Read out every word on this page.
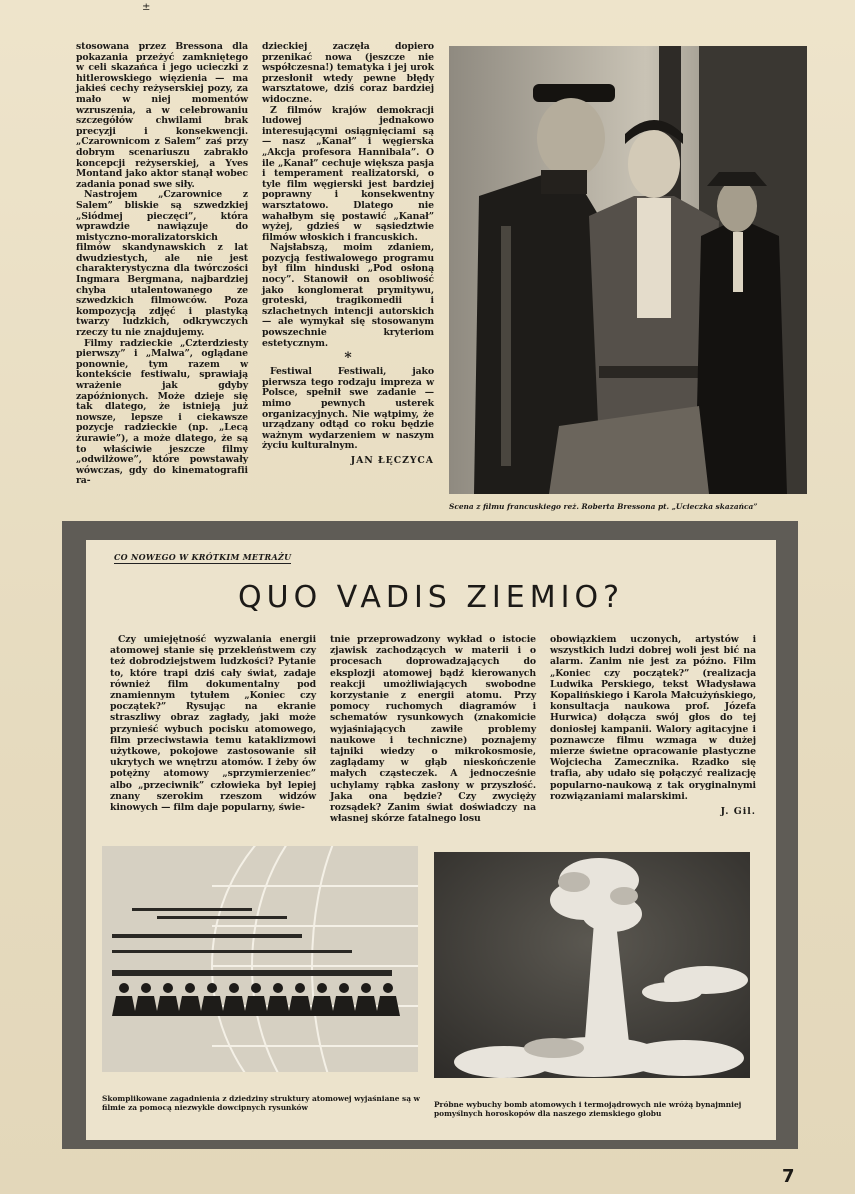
±

stosowana przez Bressona dla pokazania przeżyć zamkniętego w celi skazańca i jego ucieczki z hitlerowskiego więzienia — ma jakieś cechy reżyserskiej pozy, za mało w niej momentów wzruszenia, a w celebrowaniu szczegółów chwilami brak precyzji i konsekwencji. „Czarownicom z Salem” zaś przy dobrym scenariuszu zabrakło koncepcji reżyserskiej, a Yves Montand jako aktor stanął wobec zadania ponad swe siły.

Nastrojem „Czarownice z Salem” bliskie są szwedzkiej „Siódmej pieczęci”, która wprawdzie nawiązuje do mistyczno-moralizatorskich filmów skandynawskich z lat dwudziestych, ale nie jest charakterystyczna dla twórczości Ingmara Bergmana, najbardziej chyba utalentowanego ze szwedzkich filmowców. Poza kompozycją zdjęć i plastyką twarzy ludzkich, odkrywczych rzeczy tu nie znajdujemy.

Filmy radzieckie „Czterdziesty pierwszy” i „Malwa”, oglądane ponownie, tym razem w kontekście festiwalu, sprawiają wrażenie jak gdyby zapóźnionych. Może dzieje się tak dlatego, że istnieją już nowsze, lepsze i ciekawsze pozycje radzieckie (np. „Lecą żurawie”), a może dlatego, że są to właściwie jeszcze filmy „odwilżowe”, które powstawały wówczas, gdy do kinematografii ra-

dzieckiej zaczęła dopiero przenikać nowa (jeszcze nie współczesna!) tematyka i jej urok przesłonił wtedy pewne błędy warsztatowe, dziś coraz bardziej widoczne.

Z filmów krajów demokracji ludowej jednakowo interesującymi osiągnięciami są — nasz „Kanał” i węgierska „Akcja profesora Hannibala”. O ile „Kanał” cechuje większa pasja i temperament realizatorski, o tyle film węgierski jest bardziej poprawny i konsekwentny warsztatowo. Dlatego nie wahałbym się postawić „Kanał” wyżej, gdzieś w sąsiedztwie filmów włoskich i francuskich.

Najsłabszą, moim zdaniem, pozycją festiwalowego programu był film hinduski „Pod osłoną nocy”. Stanowił on osobliwość jako konglomerat prymitywu, groteski, tragikomedii i szlachetnych intencji autorskich — ale wymykał się stosowanym powszechnie kryteriom estetycznym.

*

Festiwal Festiwali, jako pierwsza tego rodzaju impreza w Polsce, spełnił swe zadanie — mimo pewnych usterek organizacyjnych. Nie wątpimy, że urządzany odtąd co roku będzie ważnym wydarzeniem w naszym życiu kulturalnym.

JAN ŁĘCZYCA
Scena z filmu francuskiego reż. Roberta Bressona pt. „Ucieczka skazańca”
CO NOWEGO W KRÓTKIM METRAŻU
QUO VADIS ZIEMIO?

Czy umiejętność wyzwalania energii atomowej stanie się przekleństwem czy też dobrodziejstwem ludzkości? Pytanie to, które trapi dziś cały świat, zadaje również film dokumentalny pod znamiennym tytułem „Koniec czy początek?” Rysując na ekranie straszliwy obraz zagłady, jaki może przynieść wybuch pocisku atomowego, film przeciwstawia temu kataklizmowi użytkowe, pokojowe zastosowanie sił ukrytych we wnętrzu atomów. I żeby ów potężny atomowy „sprzymierzeniec” albo „przeciwnik” człowieka był lepiej znany szerokim rzeszom widzów kinowych — film daje popularny, świe-

tnie przeprowadzony wykład o istocie zjawisk zachodzących w materii i o procesach doprowadzających do eksplozji atomowej bądź kierowanych reakcji umożliwiających swobodne korzystanie z energii atomu. Przy pomocy ruchomych diagramów i schematów rysunkowych (znakomicie wyjaśniających zawiłe problemy naukowe i techniczne) poznajemy tajniki wiedzy o mikrokosmosie, zaglądamy w głąb nieskończenie małych cząsteczek. A jednocześnie uchylamy rąbka zasłony w przyszłość. Jaka ona będzie? Czy zwycięży rozsądek? Zanim świat doświadczy na własnej skórze fatalnego losu

obowiązkiem uczonych, artystów i wszystkich ludzi dobrej woli jest bić na alarm. Zanim nie jest za późno. Film „Koniec czy początek?” (realizacja Ludwika Perskiego, tekst Władysława Kopalińskiego i Karola Małcużyńskiego, konsultacja naukowa prof. Józefa Hurwica) dołącza swój głos do tej doniosłej kampanii. Walory agitacyjne i poznawcze filmu wzmaga w dużej mierze świetne opracowanie plastyczne Wojciecha Zamecznika. Rzadko się trafia, aby udało się połączyć realizację popularno-naukową z tak oryginalnymi rozwiązaniami malarskimi.

J. Gil.
Skomplikowane zagadnienia z dziedziny struktury atomowej wyjaśniane są w filmie za pomocą niezwykle dowcipnych rysunków	Próbne wybuchy bomb atomowych i termojądrowych nie wróżą bynajmniej pomyślnych horoskopów dla naszego ziemskiego globu
7
